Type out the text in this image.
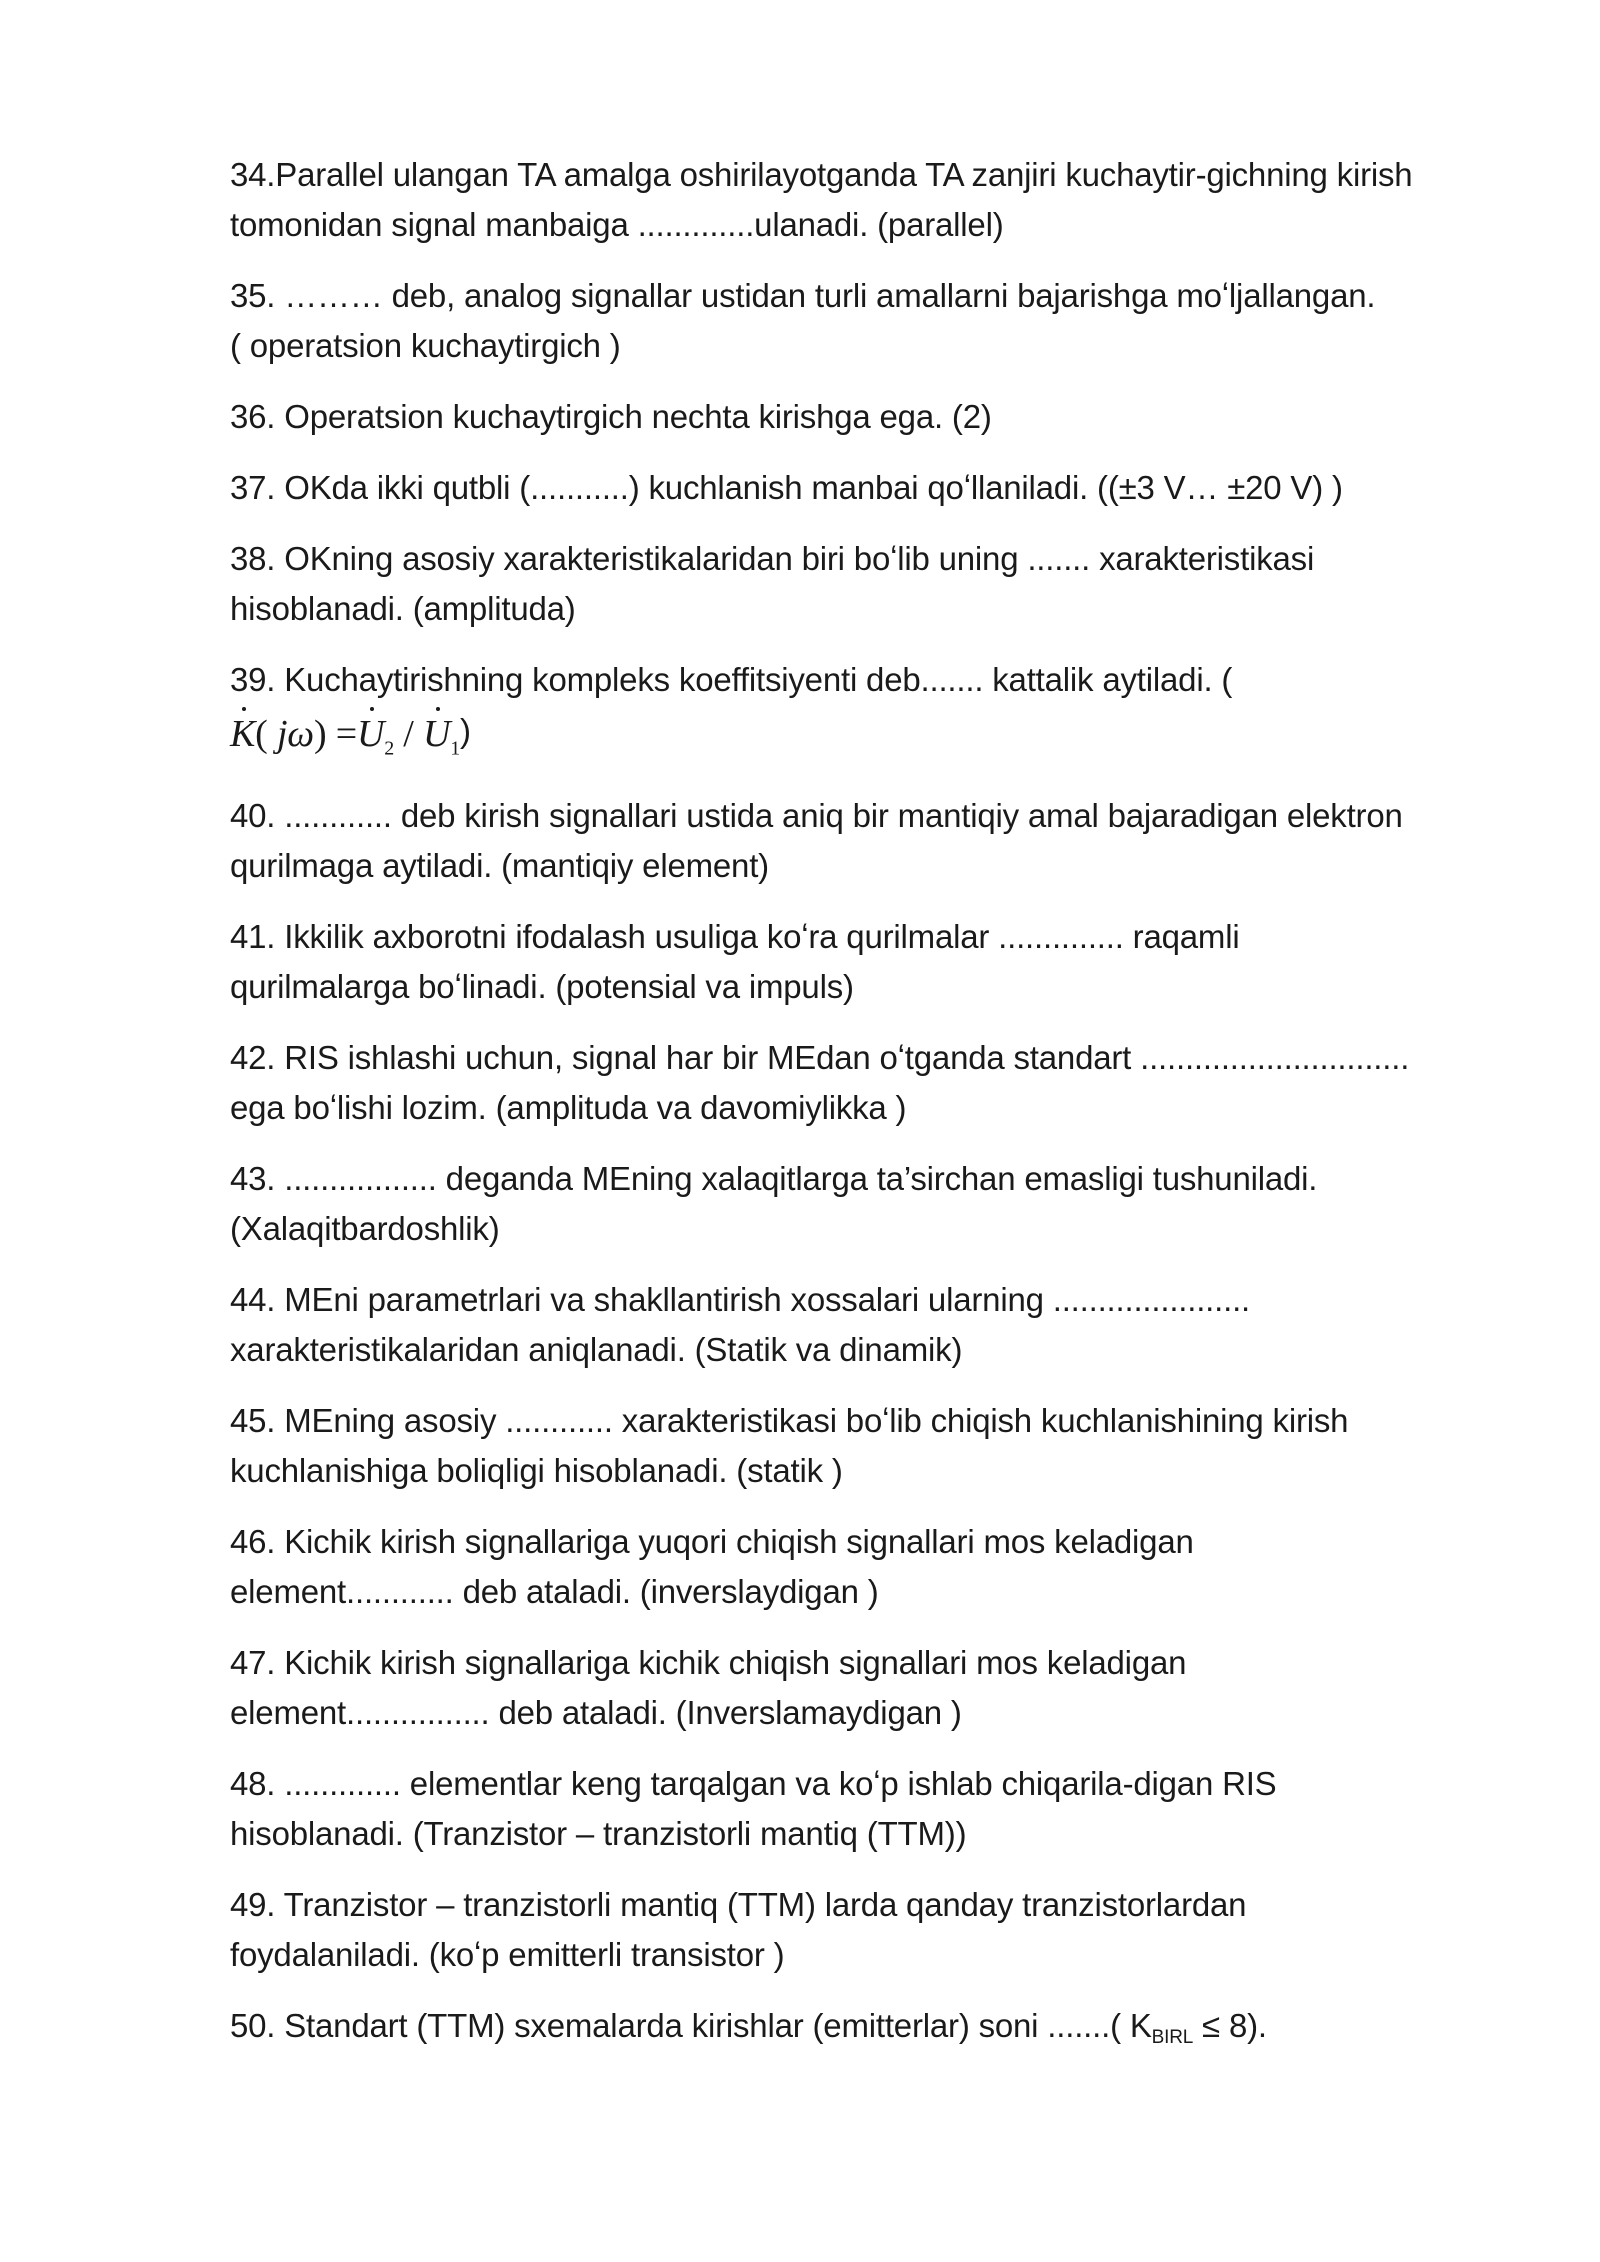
34.Parallel ulangan TA amalga oshirilayotganda TA zanjiri kuchaytir-gichning kirish
tomonidan signal manbaiga .............ulanadi. (parallel)

35. ……… deb, analog signallar ustidan turli amallarni bajarishga moʻljallangan.
( operatsion kuchaytirgich )

36. Operatsion kuchaytirgich nechta kirishga ega. (2)

37. OKda ikki qutbli (...........) kuchlanish manbai qoʻllaniladi. ((±3 V… ±20 V) )

38. OKning asosiy xarakteristikalaridan biri boʻlib uning ....... xarakteristikasi
hisoblanadi. (amplituda)

39. Kuchaytirishning kompleks koeffitsiyenti deb....... kattalik aytiladi. (
K( $j\omega) =U_2 / U_1$)

40. ............ deb kirish signallari ustida aniq bir mantiqiy amal bajaradigan elektron
qurilmaga aytiladi. (mantiqiy element)

41. Ikkilik axborotni ifodalash usuliga koʻra qurilmalar .............. raqamli
qurilmalarga boʻlinadi. (potensial va impuls)

42. RIS ishlashi uchun, signal har bir MEdan oʻtganda standart ..............................
ega boʻlishi lozim. (amplituda va davomiylikka )

43. ................. deganda MEning xalaqitlarga ta’sirchan emasligi tushuniladi.
(Xalaqitbardoshlik)

44. MEni parametrlari va shakllantirish xossalari ularning ......................
xarakteristikalaridan aniqlanadi. (Statik va dinamik)

45. MEning asosiy ............ xarakteristikasi boʻlib chiqish kuchlanishining kirish
kuchlanishiga boliqligi hisoblanadi. (statik )

46. Kichik kirish signallariga yuqori chiqish signallari mos keladigan
element............ deb ataladi. (inverslaydigan )

47. Kichik kirish signallariga kichik chiqish signallari mos keladigan
element................ deb ataladi. (Inverslamaydigan )

48. ............. elementlar keng tarqalgan va koʻp ishlab chiqarila-digan RIS
hisoblanadi. (Tranzistor – tranzistorli mantiq (TTM))

49. Tranzistor – tranzistorli mantiq (TTM) larda qanday tranzistorlardan
foydalaniladi. (koʻp emitterli transistor )

50. Standart (TTM) sxemalarda kirishlar (emitterlar) soni .......( KBIRL ≤ 8).
